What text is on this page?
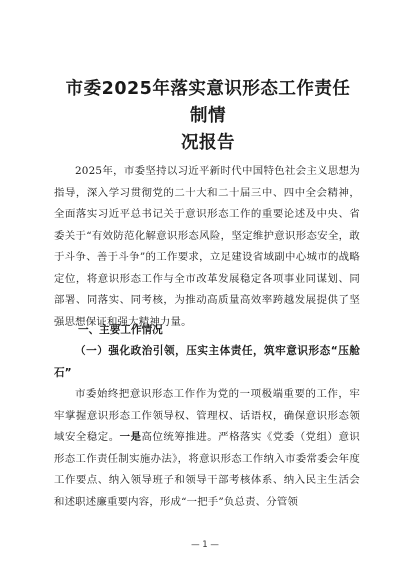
市委2025年落实意识形态工作责任制情
况报告
2025年，市委坚持以习近平新时代中国特色社会主义思想为指导，深入学习贯彻党的二十大和二十届三中、四中全会精神，全面落实习近平总书记关于意识形态工作的重要论述及中央、省委关于“有效防范化解意识形态风险，坚定维护意识形态安全，敢于斗争、善于斗争”的工作要求，立足建设省域副中心城市的战略定位，将意识形态工作与全市改革发展稳定各项事业同谋划、同部署、同落实、同考核，为推动高质量高效率跨越发展提供了坚强思想保证和强大精神力量。
一、主要工作情况
（一）强化政治引领，压实主体责任，筑牢意识形态“压舱石”
市委始终把意识形态工作作为党的一项极端重要的工作，牢牢掌握意识形态工作领导权、管理权、话语权，确保意识形态领域安全稳定。一是高位统筹推进。严格落实《党委（党组）意识形态工作责任制实施办法》，将意识形态工作纳入市委常委会年度工作要点、纳入领导班子和领导干部考核体系、纳入民主生活会和述职述廉重要内容，形成“一把手”负总责、分管领
— 1 —
